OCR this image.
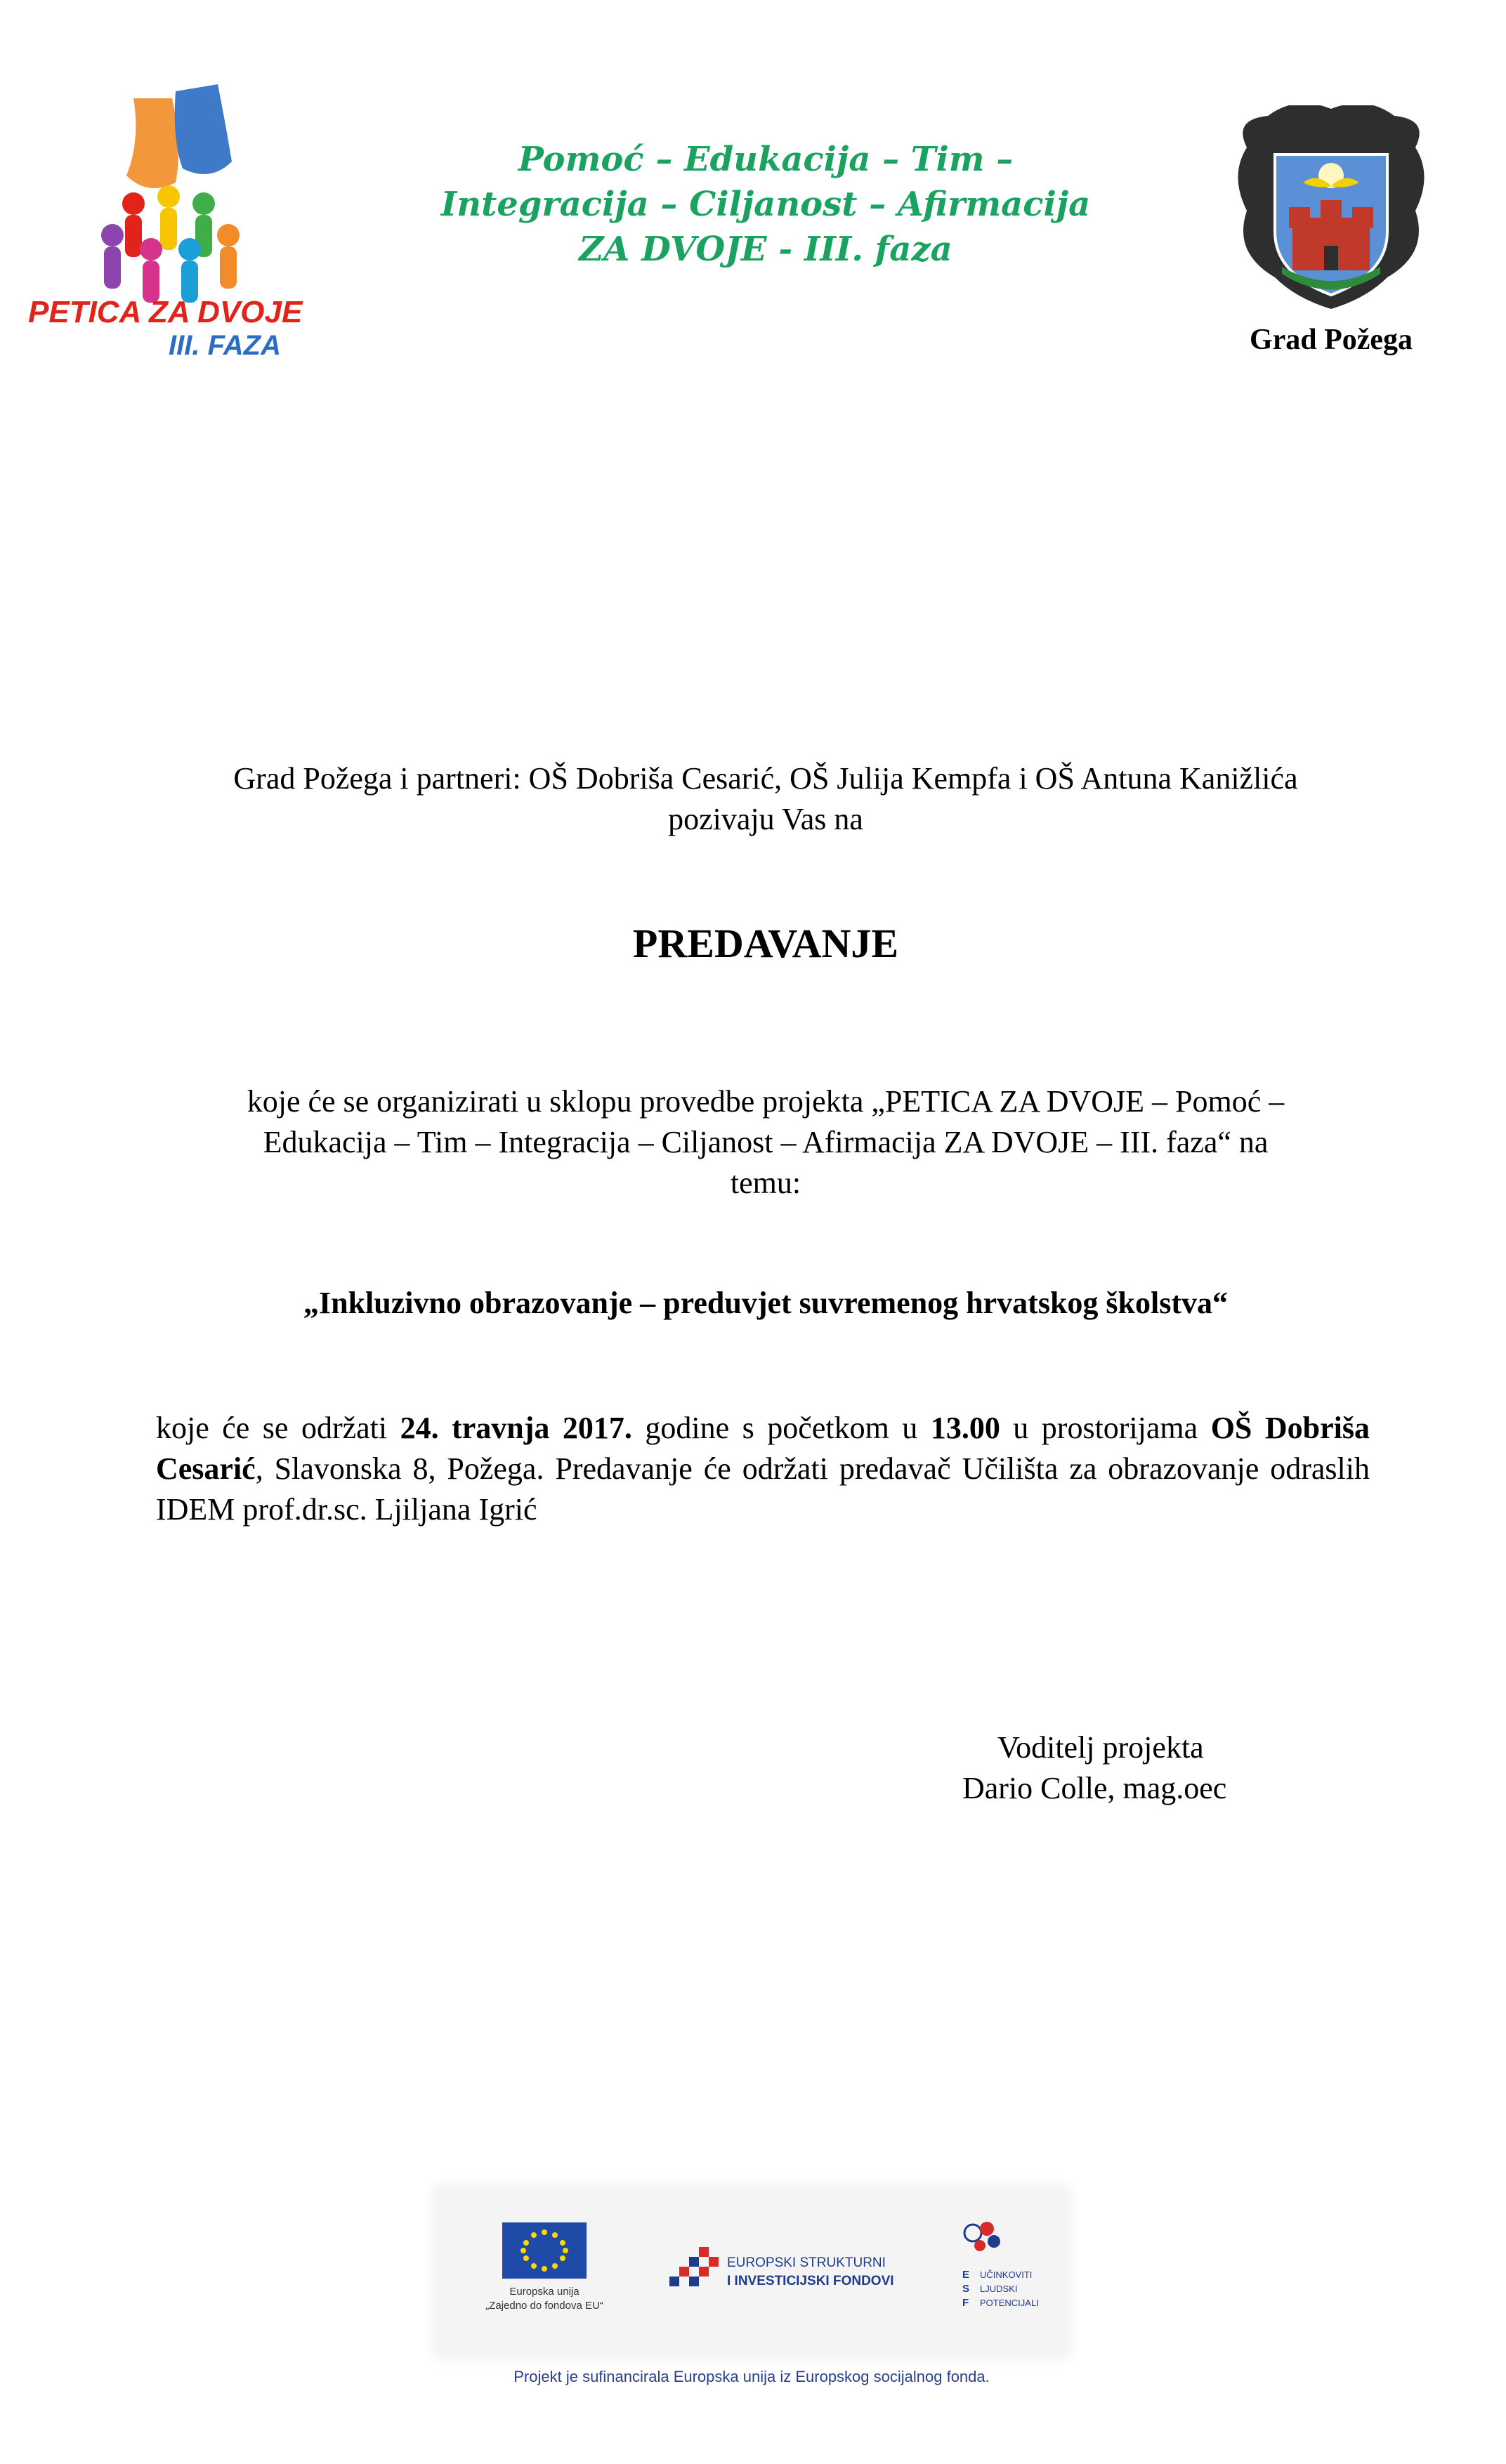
PETICA ZA DVOJE
III. FAZA
Pomoć – Edukacija – Tim –
Integracija – Ciljanost – Afirmacija
ZA DVOJE - III. faza
Grad Požega
Grad Požega i partneri: OŠ Dobriša Cesarić, OŠ Julija Kempfa i OŠ Antuna Kanižlića
pozivaju Vas na
PREDAVANJE
koje će se organizirati u sklopu provedbe projekta „PETICA ZA DVOJE – Pomoć –
Edukacija – Tim – Integracija – Ciljanost – Afirmacija ZA DVOJE – III. faza“ na
temu:
„Inkluzivno obrazovanje – preduvjet suvremenog hrvatskog školstva“
koje će se održati 24. travnja 2017. godine s početkom u 13.00 u prostorijama OŠ Dobriša Cesarić, Slavonska 8, Požega. Predavanje će održati predavač Učilišta za obrazovanje odraslih IDEM prof.dr.sc. Ljiljana Igrić
Voditelj projekta
Dario Colle, mag.oec
Europska unija
„Zajedno do fondova EU“
EUROPSKI STRUKTURNI
I INVESTICIJSKI FONDOVI	E
S
F
UČINKOVITI
LJUDSKI
POTENCIJALI
Projekt je sufinancirala Europska unija iz Europskog socijalnog fonda.
